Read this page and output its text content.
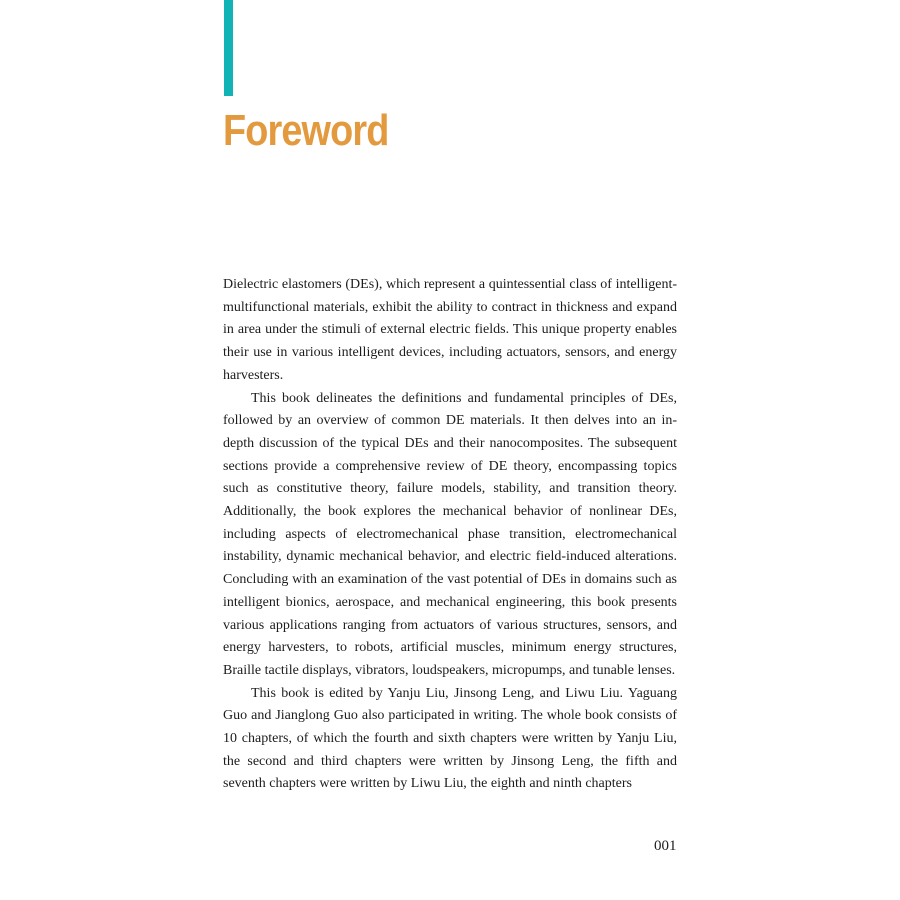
Foreword

Dielectric elastomers (DEs), which represent a quintessential class of intelligent-multifunctional materials, exhibit the ability to contract in thickness and expand in area under the stimuli of external electric fields. This unique property enables their use in various intelligent devices, including actuators, sensors, and energy harvesters.

This book delineates the definitions and fundamental principles of DEs, followed by an overview of common DE materials. It then delves into an in-depth discussion of the typical DEs and their nanocomposites. The subsequent sections provide a comprehensive review of DE theory, encompassing topics such as constitutive theory, failure models, stability, and transition theory. Additionally, the book explores the mechanical behavior of nonlinear DEs, including aspects of electromechanical phase transition, electromechanical instability, dynamic mechanical behavior, and electric field-induced alterations. Concluding with an examination of the vast potential of DEs in domains such as intelligent bionics, aerospace, and mechanical engineering, this book presents various applications ranging from actuators of various structures, sensors, and energy harvesters, to robots, artificial muscles, minimum energy structures, Braille tactile displays, vibrators, loudspeakers, micropumps, and tunable lenses.

This book is edited by Yanju Liu, Jinsong Leng, and Liwu Liu. Yaguang Guo and Jianglong Guo also participated in writing. The whole book consists of 10 chapters, of which the fourth and sixth chapters were written by Yanju Liu, the second and third chapters were written by Jinsong Leng, the fifth and seventh chapters were written by Liwu Liu, the eighth and ninth chapters

001
